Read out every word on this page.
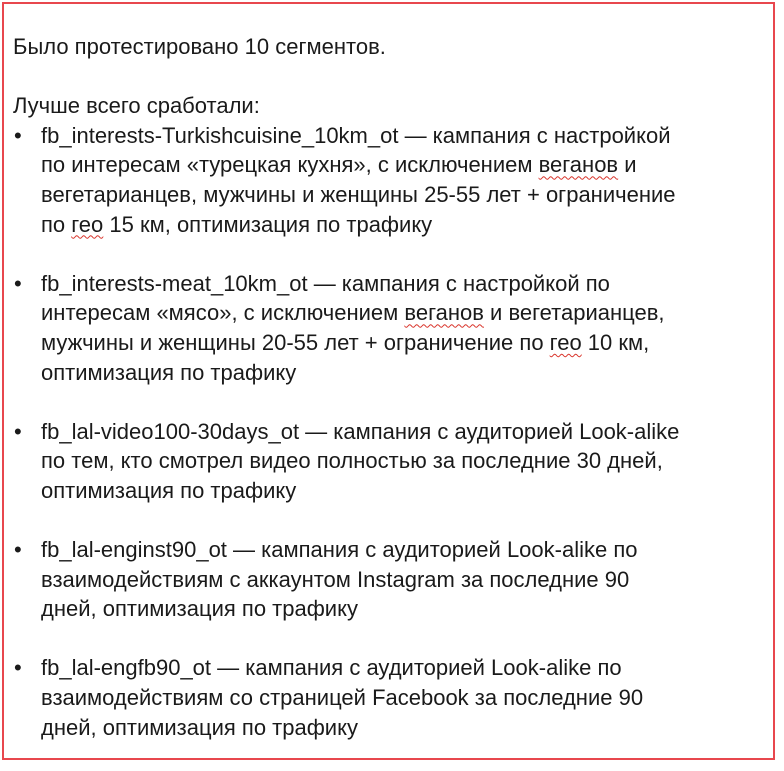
Было протестировано 10 сегментов.

Лучше всего сработали:

• fb_interests-Turkishcuisine_10km_ot — кампания с настройкой
по интересам «турецкая кухня», с исключением веганов и
вегетарианцев, мужчины и женщины 25-55 лет + ограничение
по гео 15 км, оптимизация по трафику
• fb_interests-meat_10km_ot — кампания с настройкой по
интересам «мясо», с исключением веганов и вегетарианцев,
мужчины и женщины 20-55 лет + ограничение по гео 10 км,
оптимизация по трафику
• fb_lal-video100-30days_ot — кампания с аудиторией Look-alike
по тем, кто смотрел видео полностью за последние 30 дней,
оптимизация по трафику
• fb_lal-enginst90_ot — кампания с аудиторией Look-alike по
взаимодействиям с аккаунтом Instagram за последние 90
дней, оптимизация по трафику
• fb_lal-engfb90_ot — кампания с аудиторией Look-alike по
взаимодействиям со страницей Facebook за последние 90
дней, оптимизация по трафику
